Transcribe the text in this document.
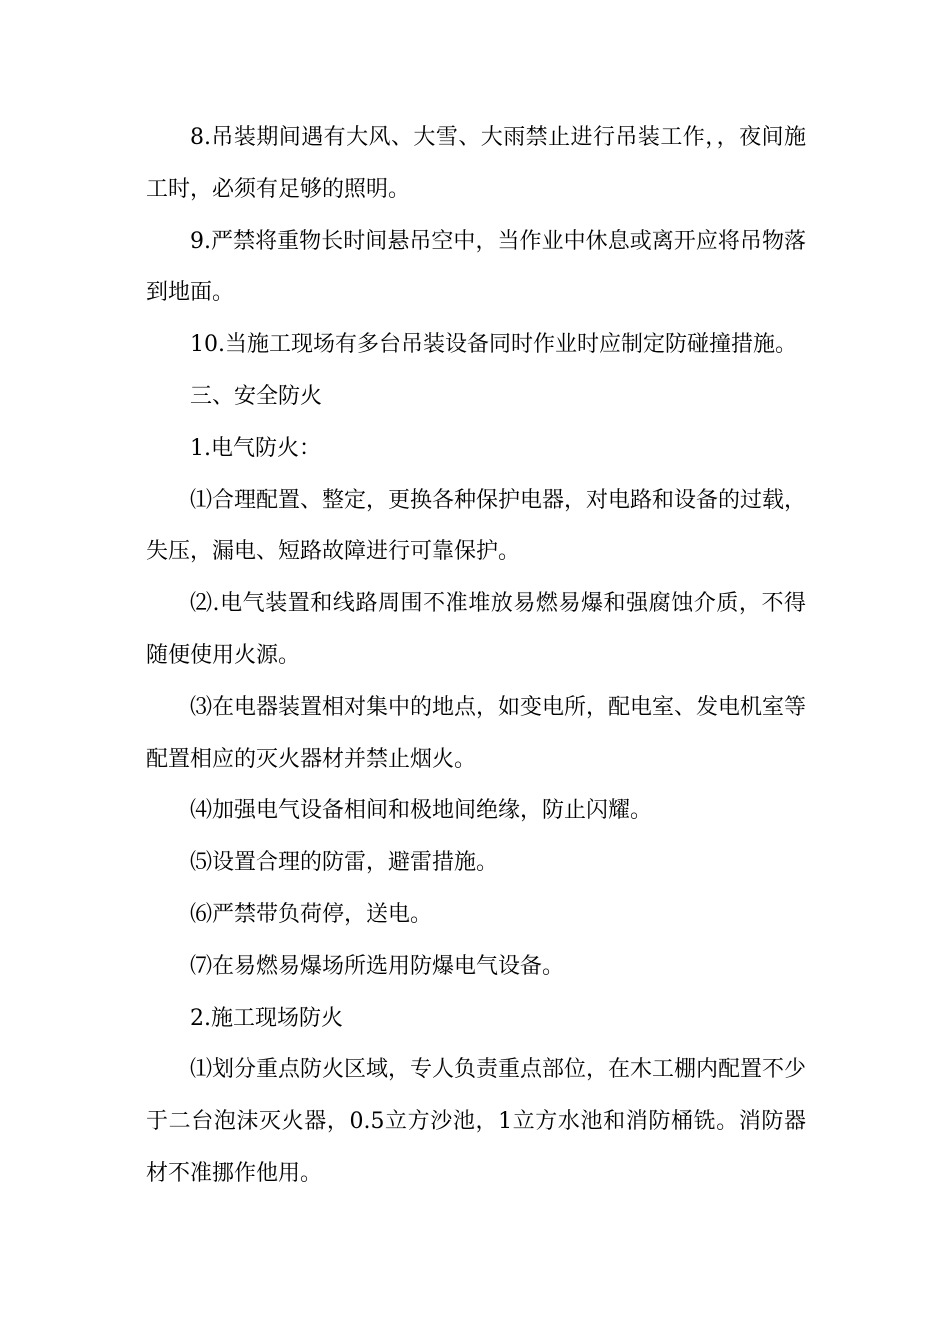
8.吊装期间遇有大风、大雪、大雨禁止进行吊装工作，，夜间施工时，必须有足够的照明。

9.严禁将重物长时间悬吊空中，当作业中休息或离开应将吊物落到地面。

10.当施工现场有多台吊装设备同时作业时应制定防碰撞措施。

三、安全防火

1.电气防火：

⑴合理配置、整定，更换各种保护电器，对电路和设备的过载，失压，漏电、短路故障进行可靠保护。

⑵.电气装置和线路周围不准堆放易燃易爆和强腐蚀介质，不得随便使用火源。

⑶在电器装置相对集中的地点，如变电所，配电室、发电机室等配置相应的灭火器材并禁止烟火。

⑷加强电气设备相间和极地间绝缘，防止闪耀。

⑸设置合理的防雷，避雷措施。

⑹严禁带负荷停，送电。

⑺在易燃易爆场所选用防爆电气设备。

2.施工现场防火

⑴划分重点防火区域，专人负责重点部位，在木工棚内配置不少于二台泡沫灭火器，0.5立方沙池，1立方水池和消防桶铣。消防器材不准挪作他用。
